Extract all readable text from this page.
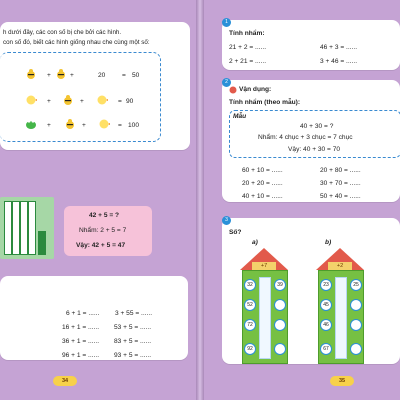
h dưới đây, các con số bị che bởi các hình.
con số đó, biết các hình giống nhau che cùng một số:
+	+	20	= 50
+	+	= 90
+	+	= 100
42 + 5 = ?
Nhẩm: 2 + 5 = 7
Vậy: 42 + 5 = 47
6 + 1 = ...... 3 + 55 = ......
16 + 1 = ...... 53 + 5 = ......
36 + 1 = ...... 83 + 5 = ......
96 + 1 = ...... 93 + 5 = ......
34
1
Tính nhẩm:
21 + 2 = ......	46 + 3 = ......
2 + 21 = ......	3 + 46 = ......
2
Vận dụng:
Tính nhẩm (theo mẫu):
Mẫu
40 + 30 = ?
Nhẩm: 4 chục + 3 chục = 7 chục
Vậy: 40 + 30 = 70
60 + 10 = ......	20 + 80 = ......
20 + 20 = ......	30 + 70 = ......
40 + 10 = ......	50 + 40 = ......
3
Số?
a)	b)
+7
32
52
72
92
39
+2
23
45
46
67
25
35
